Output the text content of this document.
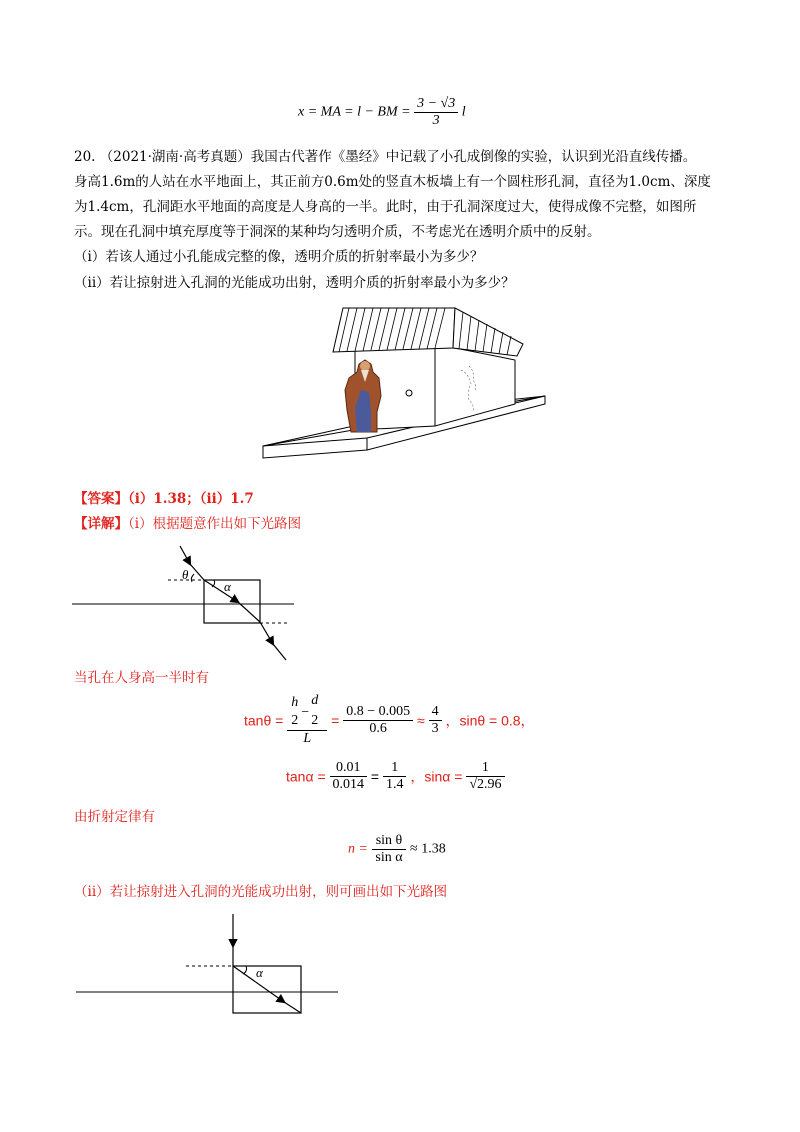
x = MA = l − BM = $\frac{3 - √3}{3}$ l
20. （2021·湖南·高考真题）我国古代著作《墨经》中记载了小孔成倒像的实验，认识到光沿直线传播。
身高1.6m的人站在水平地面上，其正前方0.6m处的竖直木板墙上有一个圆柱形孔洞，直径为1.0cm、深度
为1.4cm，孔洞距水平地面的高度是人身高的一半。此时，由于孔洞深度过大，使得成像不完整，如图所
示。现在孔洞中填充厚度等于洞深的某种均匀透明介质，不考虑光在透明介质中的反射。
（i）若该人通过小孔能成完整的像，透明介质的折射率最小为多少？
（ii）若让掠射进入孔洞的光能成功出射，透明介质的折射率最小为多少？
【答案】（i）1.38；（ii）1.7
【详解】（i）根据题意作出如下光路图
θ
α
当孔在人身高一半时有
tanθ = h d
2
−
2
$L = \frac{0.8 - 0.005}{0.6} \approx \frac{4}{3}$ ，sinθ = 0.8，
$\tan\alpha = \frac{0.01}{0.014} = \frac{1}{1.4}$ ，$\sin\alpha = \frac{1}{√2.96}$
由折射定律有
$n = \frac{\text{sin θ}}{\text{sin α}} \approx 1.38$
（ii）若让掠射进入孔洞的光能成功出射，则可画出如下光路图
α
